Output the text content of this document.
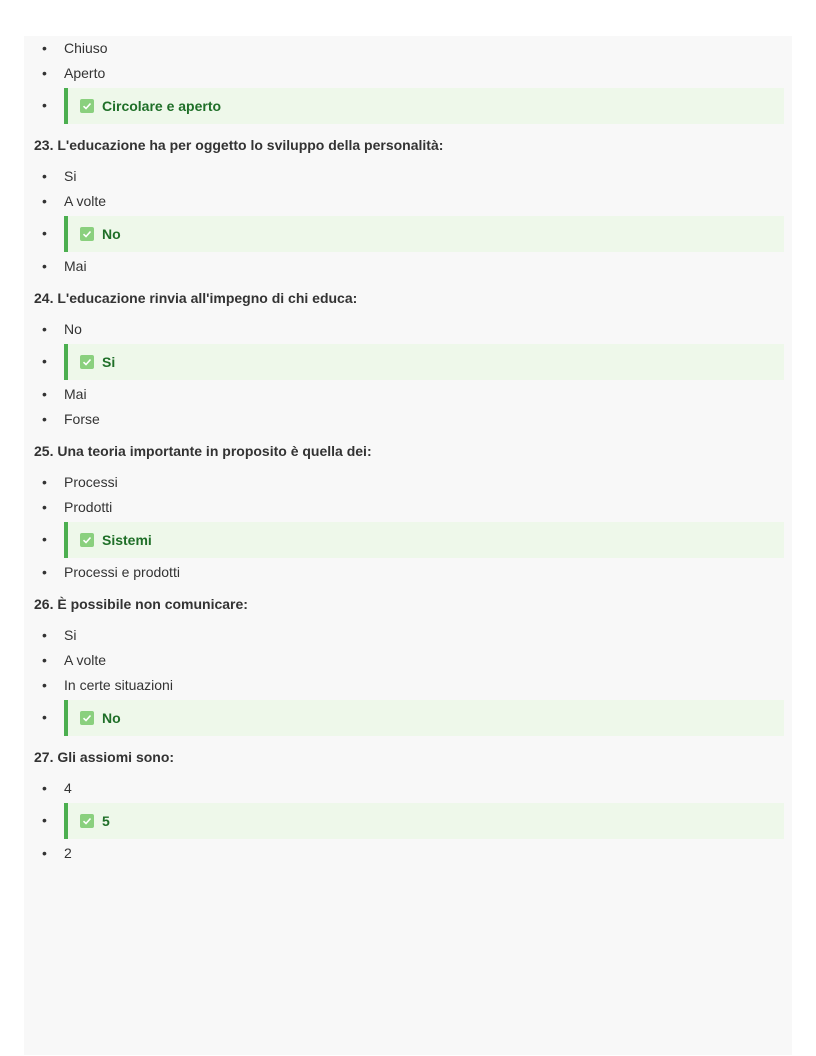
• Chiuso
• Aperto
•	Circolare e aperto

23. L'educazione ha per oggetto lo sviluppo della personalità:

• Si
• A volte
•	No
• Mai

24. L'educazione rinvia all'impegno di chi educa:

• No
•	Si
• Mai
• Forse

25. Una teoria importante in proposito è quella dei:

• Processi
• Prodotti
•	Sistemi
• Processi e prodotti

26. È possibile non comunicare:

• Si
• A volte
• In certe situazioni
•	No

27. Gli assiomi sono:

• 4
•	5
• 2
